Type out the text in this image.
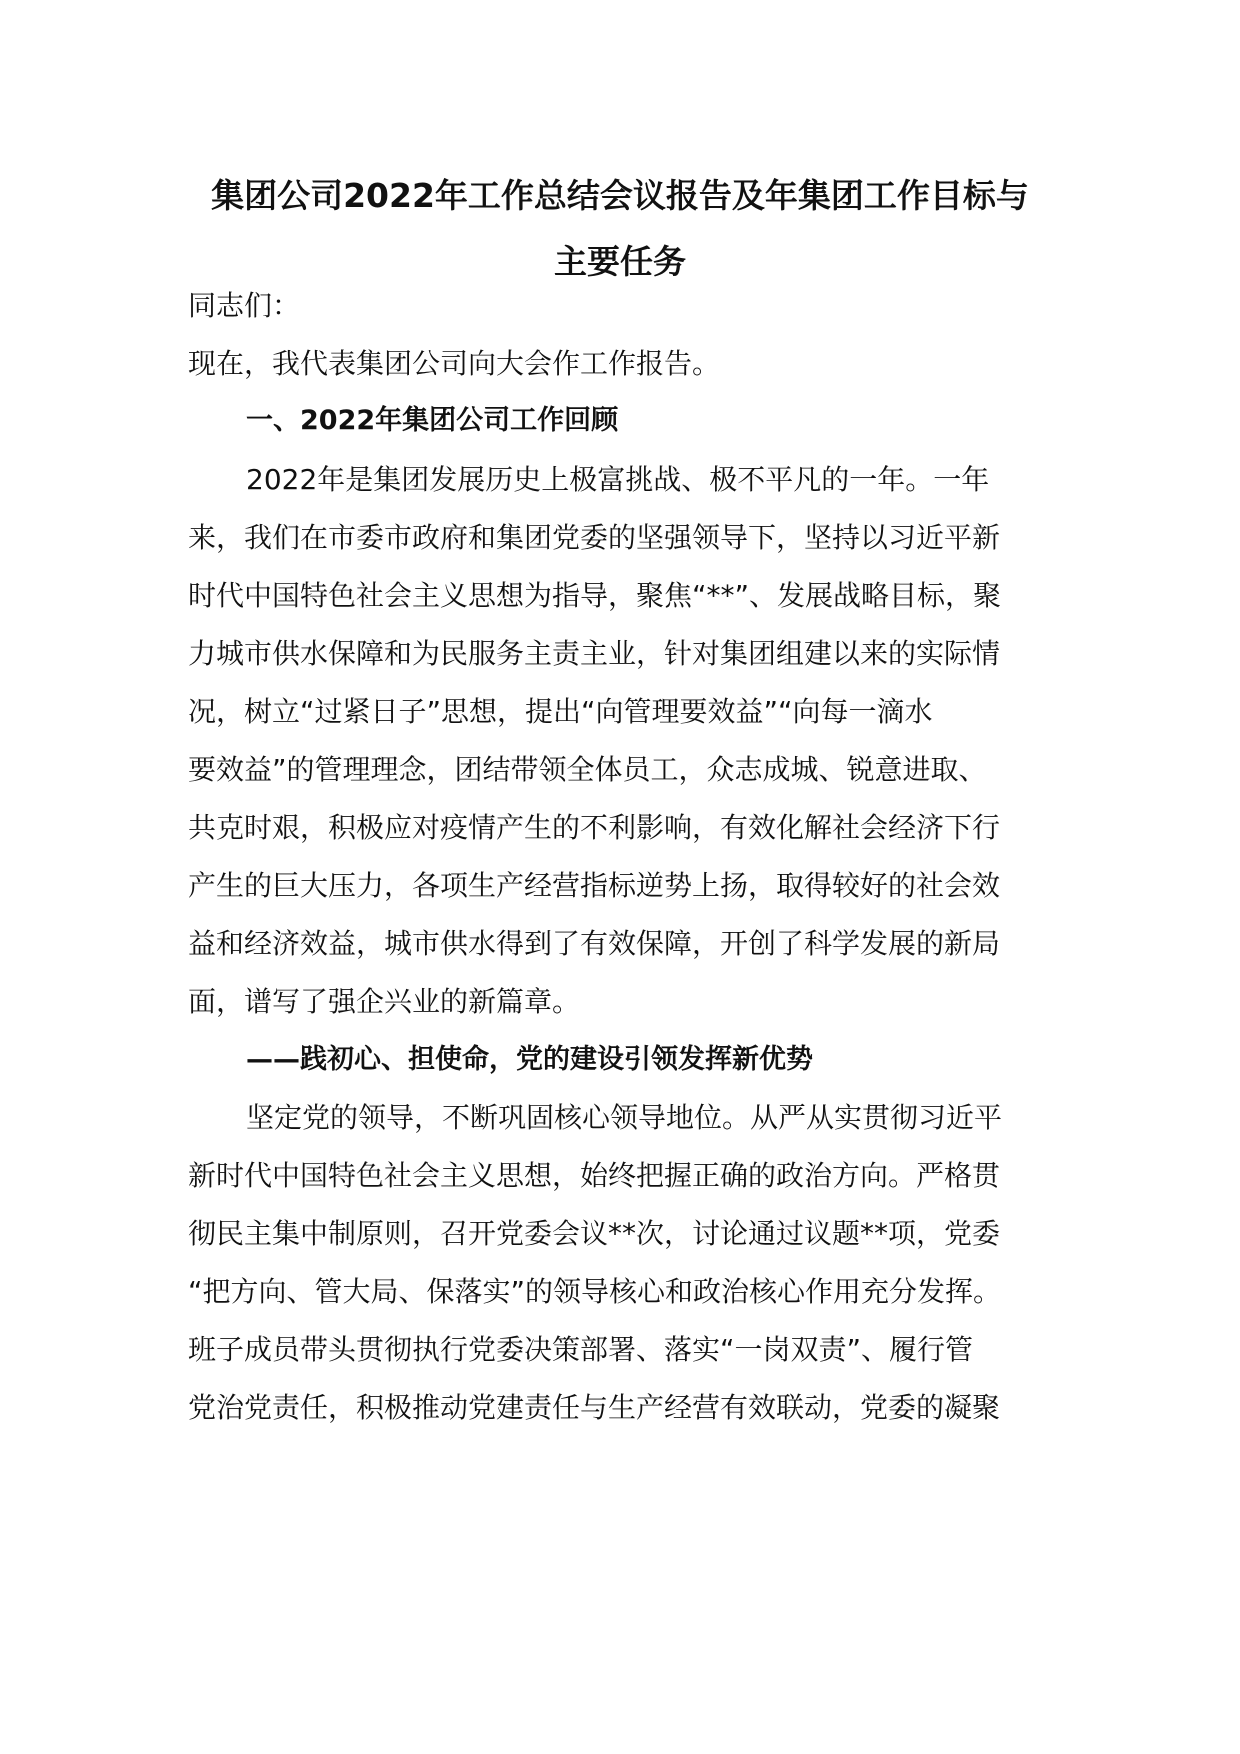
集团公司2022年工作总结会议报告及年集团工作目标与
主要任务

同志们：

现在，我代表集团公司向大会作工作报告。

一、2022年集团公司工作回顾

2022年是集团发展历史上极富挑战、极不平凡的一年。一年

来，我们在市委市政府和集团党委的坚强领导下，坚持以习近平新

时代中国特色社会主义思想为指导，聚焦“**”、发展战略目标，聚

力城市供水保障和为民服务主责主业，针对集团组建以来的实际情

况，树立“过紧日子”思想，提出“向管理要效益”“向每一滴水

要效益”的管理理念，团结带领全体员工，众志成城、锐意进取、

共克时艰，积极应对疫情产生的不利影响，有效化解社会经济下行

产生的巨大压力，各项生产经营指标逆势上扬，取得较好的社会效

益和经济效益，城市供水得到了有效保障，开创了科学发展的新局

面，谱写了强企兴业的新篇章。

——践初心、担使命，党的建设引领发挥新优势

坚定党的领导，不断巩固核心领导地位。从严从实贯彻习近平

新时代中国特色社会主义思想，始终把握正确的政治方向。严格贯

彻民主集中制原则，召开党委会议**次，讨论通过议题**项，党委

“把方向、管大局、保落实”的领导核心和政治核心作用充分发挥。

班子成员带头贯彻执行党委决策部署、落实“一岗双责”、履行管

党治党责任，积极推动党建责任与生产经营有效联动，党委的凝聚
